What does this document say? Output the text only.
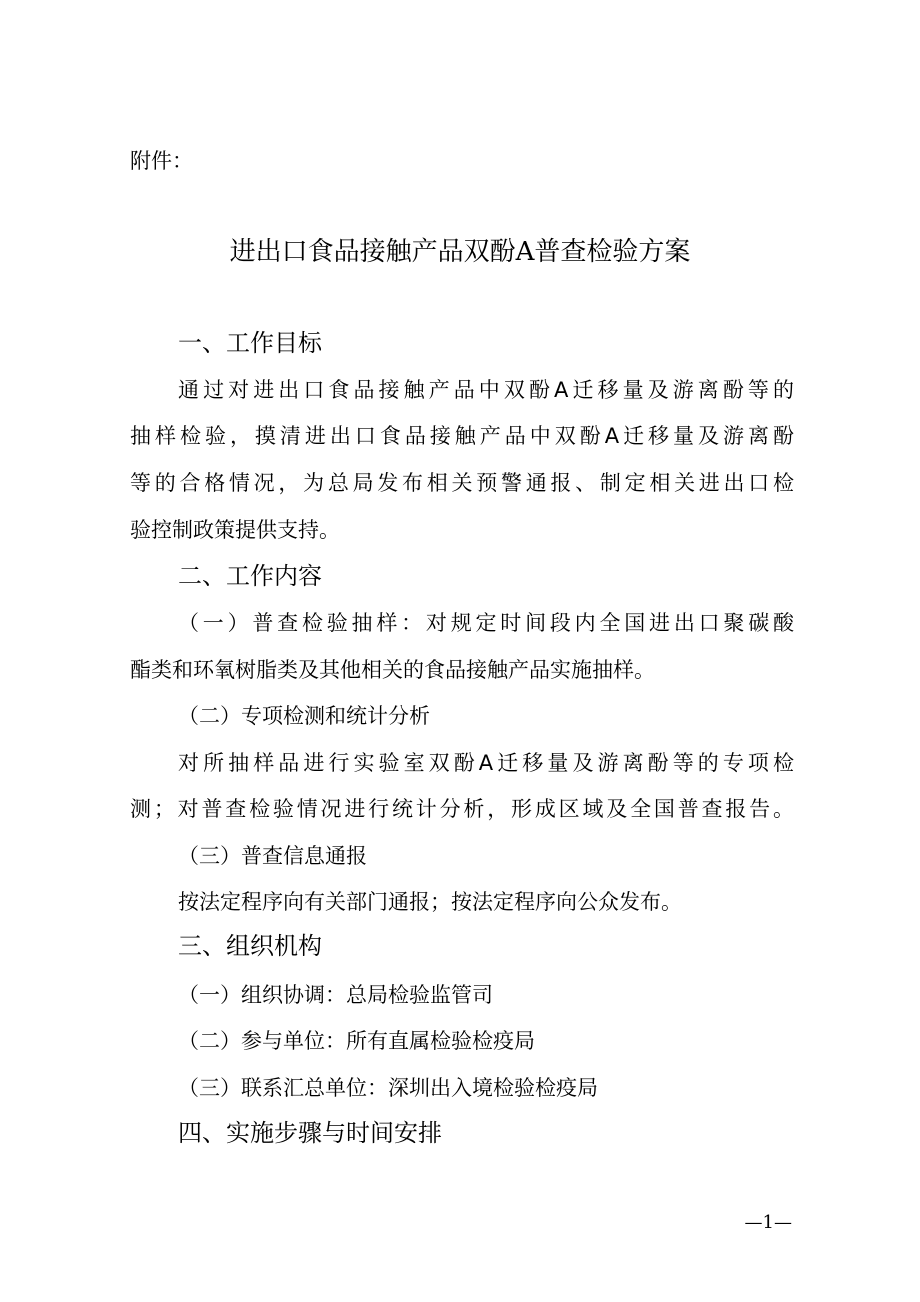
附件：
进出口食品接触产品双酚A普查检验方案
一、工作目标
通过对进出口食品接触产品中双酚A迁移量及游离酚等的
抽样检验，摸清进出口食品接触产品中双酚A迁移量及游离酚
等的合格情况，为总局发布相关预警通报、制定相关进出口检
验控制政策提供支持。
二、工作内容
（一）普查检验抽样：对规定时间段内全国进出口聚碳酸
酯类和环氧树脂类及其他相关的食品接触产品实施抽样。
（二）专项检测和统计分析
对所抽样品进行实验室双酚A迁移量及游离酚等的专项检
测；对普查检验情况进行统计分析，形成区域及全国普查报告。
（三）普查信息通报
按法定程序向有关部门通报；按法定程序向公众发布。
三、组织机构
（一）组织协调：总局检验监管司
（二）参与单位：所有直属检验检疫局
（三）联系汇总单位：深圳出入境检验检疫局
四、实施步骤与时间安排
—1—
